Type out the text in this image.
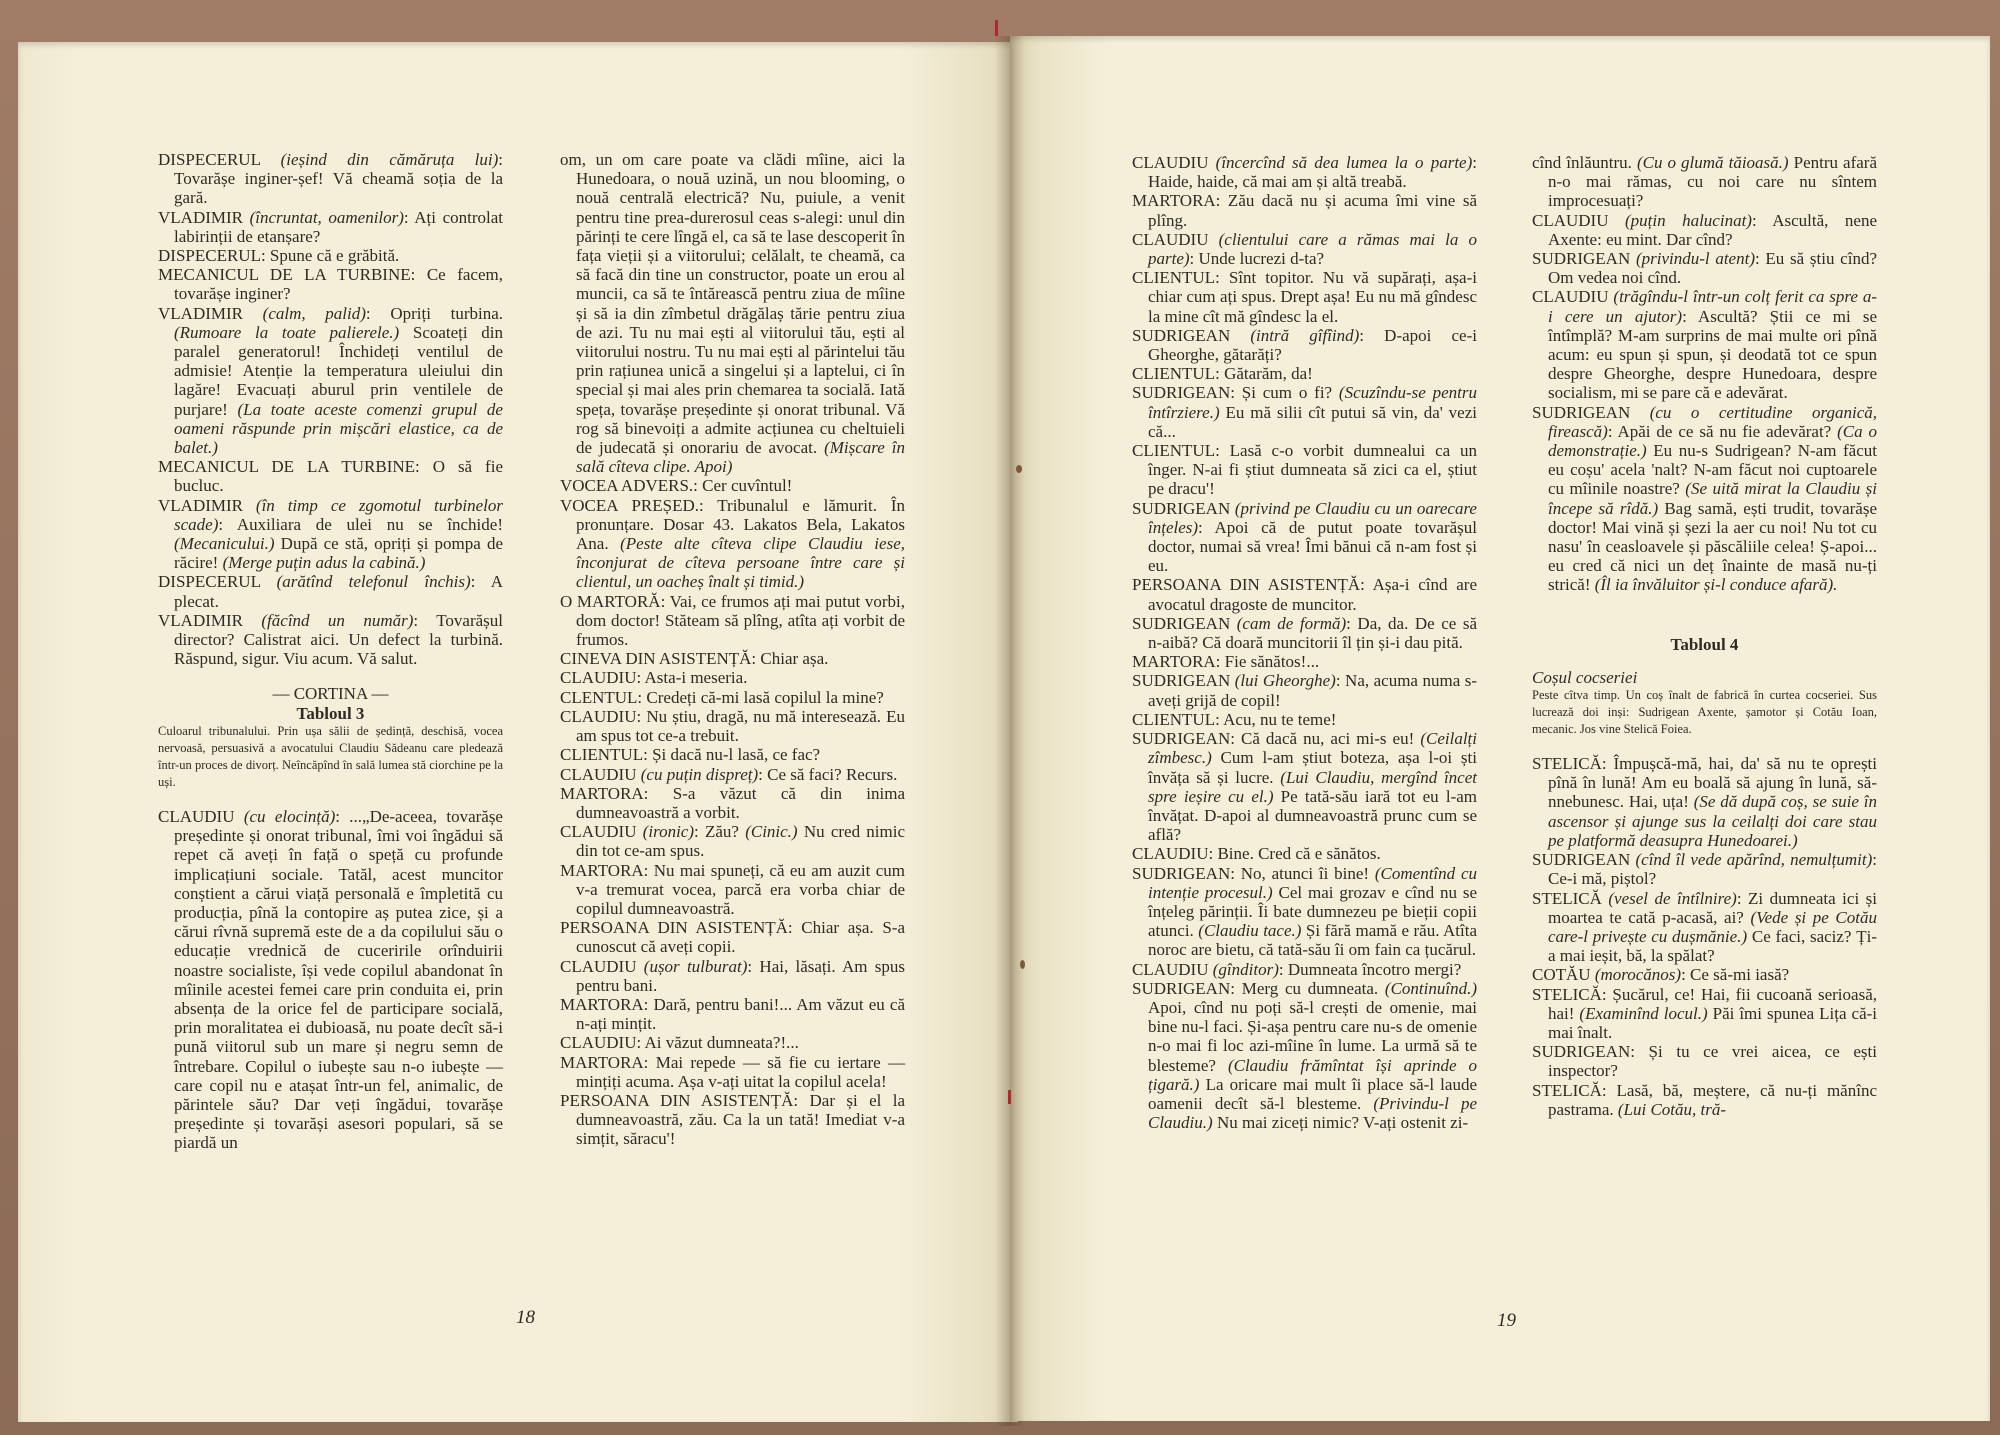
DISPECERUL (ieșind din cămăruța lui): Tovarășe inginer-șef! Vă cheamă soția de la gară.

VLADIMIR (încruntat, oamenilor): Ați controlat labirinții de etanșare?

DISPECERUL: Spune că e grăbită.

MECANICUL DE LA TURBINE: Ce facem, tovarășe inginer?

VLADIMIR (calm, palid): Opriți turbina. (Rumoare la toate palierele.) Scoateți din paralel generatorul! Închideți ventilul de admisie! Atenție la temperatura uleiului din lagăre! Evacuați aburul prin ventilele de purjare! (La toate aceste comenzi grupul de oameni răspunde prin mișcări elastice, ca de balet.)

MECANICUL DE LA TURBINE: O să fie bucluc.

VLADIMIR (în timp ce zgomotul turbinelor scade): Auxiliara de ulei nu se închide! (Mecanicului.) După ce stă, opriți și pompa de răcire! (Merge puțin adus la cabină.)

DISPECERUL (arătînd telefonul închis): A plecat.

VLADIMIR (făcînd un număr): Tovarășul director? Calistrat aici. Un defect la turbină. Răspund, sigur. Viu acum. Vă salut.

— CORTINA —

Tabloul 3

Culoarul tribunalului. Prin ușa sălii de ședință, deschisă, vocea nervoasă, persuasivă a avocatului Claudiu Sădeanu care pledează într-un proces de divorț. Neîncăpînd în sală lumea stă ciorchine pe la uși.

CLAUDIU (cu elocință): ...„De-aceea, tovarășe președinte și onorat tribunal, îmi voi îngădui să repet că aveți în față o speță cu profunde implicațiuni sociale. Tatăl, acest muncitor conștient a cărui viață personală e împletită cu producția, pînă la contopire aș putea zice, și a cărui rîvnă supremă este de a da copilului său o educație vrednică de cuceririle orînduirii noastre socialiste, își vede copilul abandonat în mîinile acestei femei care prin conduita ei, prin absența de la orice fel de participare socială, prin moralitatea ei dubioasă, nu poate decît să-i pună viitorul sub un mare și negru semn de întrebare. Copilul o iubește sau n-o iubește — care copil nu e atașat într-un fel, animalic, de părintele său? Dar veți îngădui, tovarășe președinte și tovarăși asesori populari, să se piardă un

om, un om care poate va clădi mîine, aici la Hunedoara, o nouă uzină, un nou blooming, o nouă centrală electrică? Nu, puiule, a venit pentru tine prea-durerosul ceas s-alegi: unul din părinți te cere lîngă el, ca să te lase descoperit în fața vieții și a viitorului; celălalt, te cheamă, ca să facă din tine un constructor, poate un erou al muncii, ca să te întărească pentru ziua de mîine și să ia din zîmbetul drăgălaș tărie pentru ziua de azi. Tu nu mai ești al viitorului tău, ești al viitorului nostru. Tu nu mai ești al părintelui tău prin rațiunea unică a singelui și a laptelui, ci în special și mai ales prin chemarea ta socială. Iată speța, tovarășe președinte și onorat tribunal. Vă rog să binevoiți a admite acțiunea cu cheltuieli de judecată și onorariu de avocat. (Mișcare în sală cîteva clipe. Apoi)

VOCEA ADVERS.: Cer cuvîntul!

VOCEA PREȘED.: Tribunalul e lămurit. În pronunțare. Dosar 43. Lakatos Bela, Lakatos Ana. (Peste alte cîteva clipe Claudiu iese, înconjurat de cîteva persoane între care și clientul, un oacheș înalt și timid.)

O MARTORĂ: Vai, ce frumos ați mai putut vorbi, dom doctor! Stăteam să plîng, atîta ați vorbit de frumos.

CINEVA DIN ASISTENȚĂ: Chiar așa.

CLAUDIU: Asta-i meseria.

CLENTUL: Credeți că-mi lasă copilul la mine?

CLAUDIU: Nu știu, dragă, nu mă interesează. Eu am spus tot ce-a trebuit.

CLIENTUL: Și dacă nu-l lasă, ce fac?

CLAUDIU (cu puțin dispreț): Ce să faci? Recurs.

MARTORA: S-a văzut că din inima dumneavoastră a vorbit.

CLAUDIU (ironic): Zău? (Cinic.) Nu cred nimic din tot ce-am spus.

MARTORA: Nu mai spuneți, că eu am auzit cum v-a tremurat vocea, parcă era vorba chiar de copilul dumneavoastră.

PERSOANA DIN ASISTENȚĂ: Chiar așa. S-a cunoscut că aveți copii.

CLAUDIU (ușor tulburat): Hai, lăsați. Am spus pentru bani.

MARTORA: Dară, pentru bani!... Am văzut eu că n-ați mințit.

CLAUDIU: Ai văzut dumneata?!...

MARTORA: Mai repede — să fie cu iertare — mințiți acuma. Așa v-ați uitat la copilul acela!

PERSOANA DIN ASISTENȚĂ: Dar și el la dumneavoastră, zău. Ca la un tată! Imediat v-a simțit, săracu'!

18

CLAUDIU (încercînd să dea lumea la o parte): Haide, haide, că mai am și altă treabă.

MARTORA: Zău dacă nu și acuma îmi vine să plîng.

CLAUDIU (clientului care a rămas mai la o parte): Unde lucrezi d-ta?

CLIENTUL: Sînt topitor. Nu vă supărați, așa-i chiar cum ați spus. Drept așa! Eu nu mă gîndesc la mine cît mă gîndesc la el.

SUDRIGEAN (intră gîfîind): D-apoi ce-i Gheorghe, gătarăți?

CLIENTUL: Gătarăm, da!

SUDRIGEAN: Și cum o fi? (Scuzîndu-se pentru întîrziere.) Eu mă silii cît putui să vin, da' vezi că...

CLIENTUL: Lasă c-o vorbit dumnealui ca un înger. N-ai fi știut dumneata să zici ca el, știut pe dracu'!

SUDRIGEAN (privind pe Claudiu cu un oarecare înțeles): Apoi că de putut poate tovarășul doctor, numai să vrea! Îmi bănui că n-am fost și eu.

PERSOANA DIN ASISTENȚĂ: Așa-i cînd are avocatul dragoste de muncitor.

SUDRIGEAN (cam de formă): Da, da. De ce să n-aibă? Că doară muncitorii îl țin și-i dau pită.

MARTORA: Fie sănătos!...

SUDRIGEAN (lui Gheorghe): Na, acuma numa s-aveți grijă de copil!

CLIENTUL: Acu, nu te teme!

SUDRIGEAN: Că dacă nu, aci mi-s eu! (Ceilalți zîmbesc.) Cum l-am știut boteza, așa l-oi ști învăța să și lucre. (Lui Claudiu, mergînd încet spre ieșire cu el.) Pe tată-său iară tot eu l-am învățat. D-apoi al dumneavoastră prunc cum se află?

CLAUDIU: Bine. Cred că e sănătos.

SUDRIGEAN: No, atunci îi bine! (Comentînd cu intenție procesul.) Cel mai grozav e cînd nu se înțeleg părinții. Îi bate dumnezeu pe bieții copii atunci. (Claudiu tace.) Și fără mamă e rău. Atîta noroc are bietu, că tată-său îi om fain ca țucărul.

CLAUDIU (gînditor): Dumneata încotro mergi?

SUDRIGEAN: Merg cu dumneata. (Continuînd.) Apoi, cînd nu poți să-l crești de omenie, mai bine nu-l faci. Și-așa pentru care nu-s de omenie n-o mai fi loc azi-mîine în lume. La urmă să te blesteme? (Claudiu frămîntat își aprinde o țigară.) La oricare mai mult îi place să-l laude oamenii decît să-l blesteme. (Privindu-l pe Claudiu.) Nu mai ziceți nimic? V-ați ostenit zi-

cînd înlăuntru. (Cu o glumă tăioasă.) Pentru afară n-o mai rămas, cu noi care nu sîntem improcesuați?

CLAUDIU (puțin halucinat): Ascultă, nene Axente: eu mint. Dar cînd?

SUDRIGEAN (privindu-l atent): Eu să știu cînd? Om vedea noi cînd.

CLAUDIU (trăgîndu-l într-un colț ferit ca spre a-i cere un ajutor): Ascultă? Știi ce mi se întîmplă? M-am surprins de mai multe ori pînă acum: eu spun și spun, și deodată tot ce spun despre Gheorghe, despre Hunedoara, despre socialism, mi se pare că e adevărat.

SUDRIGEAN (cu o certitudine organică, firească): Apăi de ce să nu fie adevărat? (Ca o demonstrație.) Eu nu-s Sudrigean? N-am făcut eu coșu' acela 'nalt? N-am făcut noi cuptoarele cu mîinile noastre? (Se uită mirat la Claudiu și începe să rîdă.) Bag samă, ești trudit, tovarășe doctor! Mai vină și șezi la aer cu noi! Nu tot cu nasu' în ceasloavele și păscăliile celea! Ș-apoi... eu cred că nici un deț înainte de masă nu-ți strică! (Îl ia învăluitor și-l conduce afară).

Tabloul 4

Coșul cocseriei

Peste cîtva timp. Un coș înalt de fabrică în curtea cocseriei. Sus lucrează doi inși: Sudrigean Axente, șamotor și Cotău Ioan, mecanic. Jos vine Stelică Foiea.

STELICĂ: Împușcă-mă, hai, da' să nu te oprești pînă în lună! Am eu boală să ajung în lună, să-nnebunesc. Hai, uța! (Se dă după coș, se suie în ascensor și ajunge sus la ceilalți doi care stau pe platformă deasupra Hunedoarei.)

SUDRIGEAN (cînd îl vede apărînd, nemulțumit): Ce-i mă, piștol?

STELICĂ (vesel de întîlnire): Zi dumneata ici și moartea te cată p-acasă, ai? (Vede și pe Cotău care-l privește cu dușmănie.) Ce faci, saciz? Ți-a mai ieșit, bă, la spălat?

COTĂU (morocănos): Ce să-mi iasă?

STELICĂ: Șucărul, ce! Hai, fii cucoană serioasă, hai! (Examinînd locul.) Păi îmi spunea Lița că-i mai înalt.

SUDRIGEAN: Și tu ce vrei aicea, ce ești inspector?

STELICĂ: Lasă, bă, meștere, că nu-ți mănînc pastrama. (Lui Cotău, tră-

19
